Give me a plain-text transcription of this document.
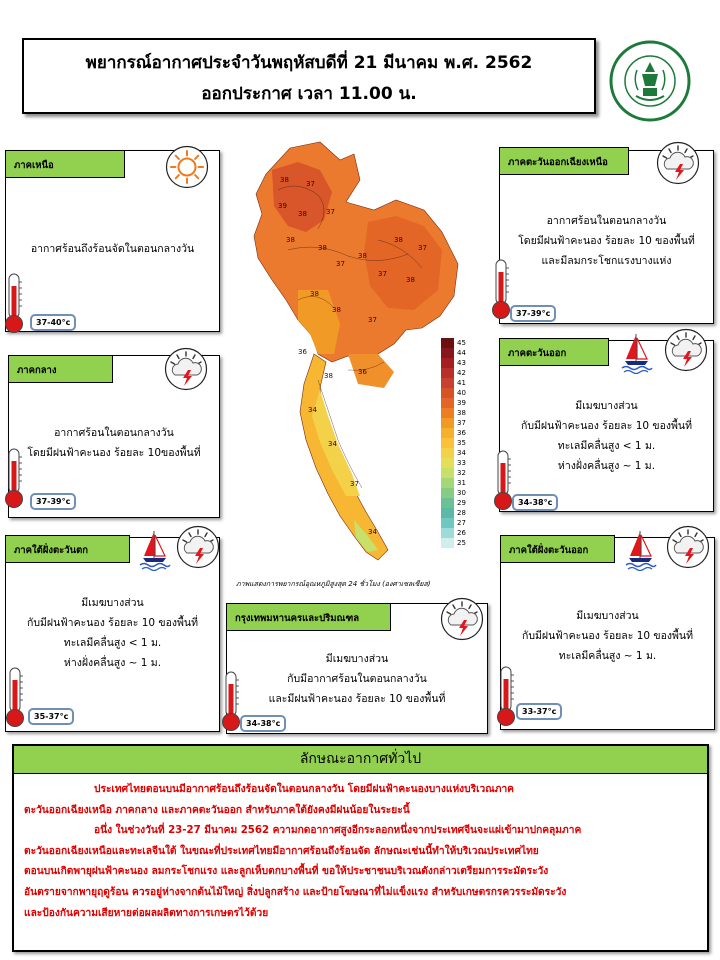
พยากรณ์อากาศประจำวันพฤหัสบดีที่ 21 มีนาคม พ.ศ. 2562
ออกประกาศ เวลา 11.00 น.
อากาศร้อนถึงร้อนจัดในตอนกลางวัน
ภาคเหนือ
37-40°c
อากาศร้อนในตอนกลางวัน
โดยมีฝนฟ้าคะนอง ร้อยละ 10 ของพื้นที่
และมีลมกระโชกแรงบางแห่ง
ภาคตะวันออกเฉียงเหนือ
37-39°c
อากาศร้อนในตอนกลางวัน
โดยมีฝนฟ้าคะนอง ร้อยละ 10ของพื้นที่
ภาคกลาง
37-39°c
มีเมฆบางส่วน
กับมีฝนฟ้าคะนอง ร้อยละ 10 ของพื้นที่
ทะเลมีคลื่นสูง < 1 ม.
ห่างฝั่งคลื่นสูง ~ 1 ม.
ภาคตะวันออก
34-38°c
มีเมฆบางส่วน
กับมีฝนฟ้าคะนอง ร้อยละ 10 ของพื้นที่
ทะเลมีคลื่นสูง < 1 ม.
ห่างฝั่งคลื่นสูง ~ 1 ม.
ภาคใต้ฝั่งตะวันตก
35-37°c
มีเมฆบางส่วน
กับมีอากาศร้อนในตอนกลางวัน
และมีฝนฟ้าคะนอง ร้อยละ 10 ของพื้นที่
กรุงเทพมหานครและปริมณฑล
34-38°c
มีเมฆบางส่วน
กับมีฝนฟ้าคะนอง ร้อยละ 10 ของพื้นที่
ทะเลมีคลื่นสูง ~ 1 ม.
ภาคใต้ฝั่งตะวันออก
33-37°c
38 37
39
38	37
38
38
38
38
37
37
37
38
38
38
37
36
36
38
34
34
37
34
45
44
43
42
41
40
39
38
37
36
35
34
33
32
31
30
29
28
27
26
25
ภาพแสดงการพยากรณ์อุณหภูมิสูงสุด 24 ชั่วโมง (องศาเซลเซียส)
ลักษณะอากาศทั่วไป
ประเทศไทยตอนบนมีอากาศร้อนถึงร้อนจัดในตอนกลางวัน โดยมีฝนฟ้าคะนองบางแห่งบริเวณภาค
ตะวันออกเฉียงเหนือ ภาคกลาง และภาคตะวันออก สำหรับภาคใต้ยังคงมีฝนน้อยในระยะนี้
อนึ่ง ในช่วงวันที่ 23-27 มีนาคม 2562 ความกดอากาศสูงอีกระลอกหนึ่งจากประเทศจีนจะแผ่เข้ามาปกคลุมภาค
ตะวันออกเฉียงเหนือและทะเลจีนใต้ ในขณะที่ประเทศไทยมีอากาศร้อนถึงร้อนจัด ลักษณะเช่นนี้ทำให้บริเวณประเทศไทย
ตอนบนเกิดพายุฝนฟ้าคะนอง ลมกระโชกแรง และลูกเห็บตกบางพื้นที่ ขอให้ประชาชนบริเวณดังกล่าวเตรียมการระมัดระวัง
อันตรายจากพายุฤดูร้อน ควรอยู่ห่างจากต้นไม้ใหญ่ สิ่งปลูกสร้าง และป้ายโฆษณาที่ไม่แข็งแรง สำหรับเกษตรกรควรระมัดระวัง
และป้องกันความเสียหายต่อผลผลิตทางการเกษตรไว้ด้วย
